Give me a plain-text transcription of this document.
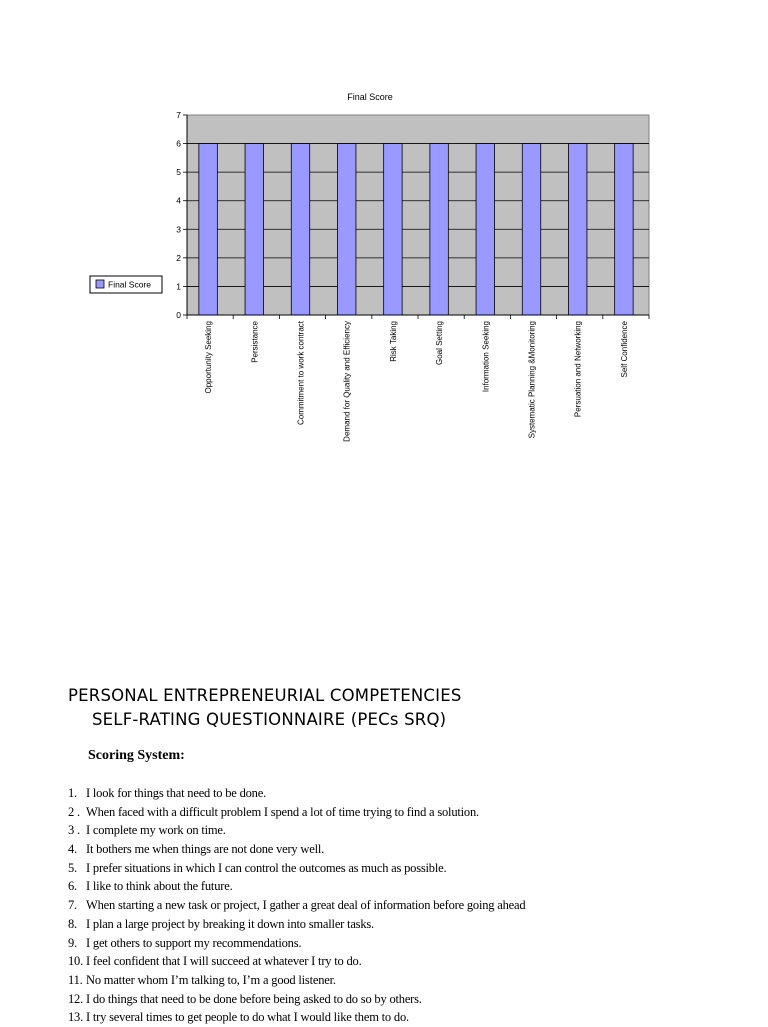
Final Score
0
1
2
3
4
5
6
7
Opportunity Seeking	Persistance	Commitment to work contract	Demand for Quality and Efficiency	Risk Taking	Goal Setting	Information Seeking	Systematic Planning &Monitoring	Persuation and Networking	Self Confidence
Final Score
PERSONAL ENTREPRENEURIAL COMPETENCIES
SELF-RATING QUESTIONNAIRE (PECs SRQ)

Scoring System:

1. I look for things that need to be done.
2 . When faced with a difficult problem I spend a lot of time trying to find a solution.
3 . I complete my work on time.
4. It bothers me when things are not done very well.
5. I prefer situations in which I can control the outcomes as much as possible.
6. I like to think about the future.
7. When starting a new task or project, I gather a great deal of information before going ahead
8. I plan a large project by breaking it down into smaller tasks.
9. I get others to support my recommendations.
10. I feel confident that I will succeed at whatever I try to do.
11. No matter whom I’m talking to, I’m a good listener.
12. I do things that need to be done before being asked to do so by others.
13. I try several times to get people to do what I would like them to do.
